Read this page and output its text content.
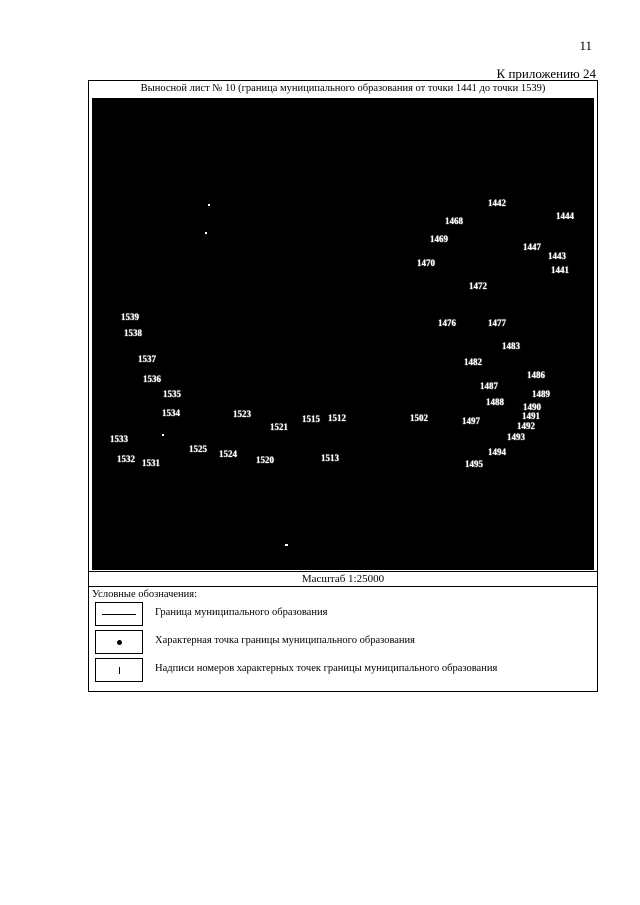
11
К приложению 24
Выносной лист № 10 (граница муниципального образования от точки 1441 до точки 1539)
1442
1444
1468
1469
1447
1443
1470
1441
1472
1539
1538
1476	1477
1483
1537	1482
1536	1486
1487
1535	1489
1488 1490
1534	1523	1515 1512	1502	1497	1491
1521	1492
1533	1493
1525	1494
1532	1524
1531	1520	1513
1495
Масштаб 1:25000
Условные обозначения:
Граница муниципального образования
Характерная точка границы муниципального образования
Надписи номеров характерных точек границы муниципального образования
